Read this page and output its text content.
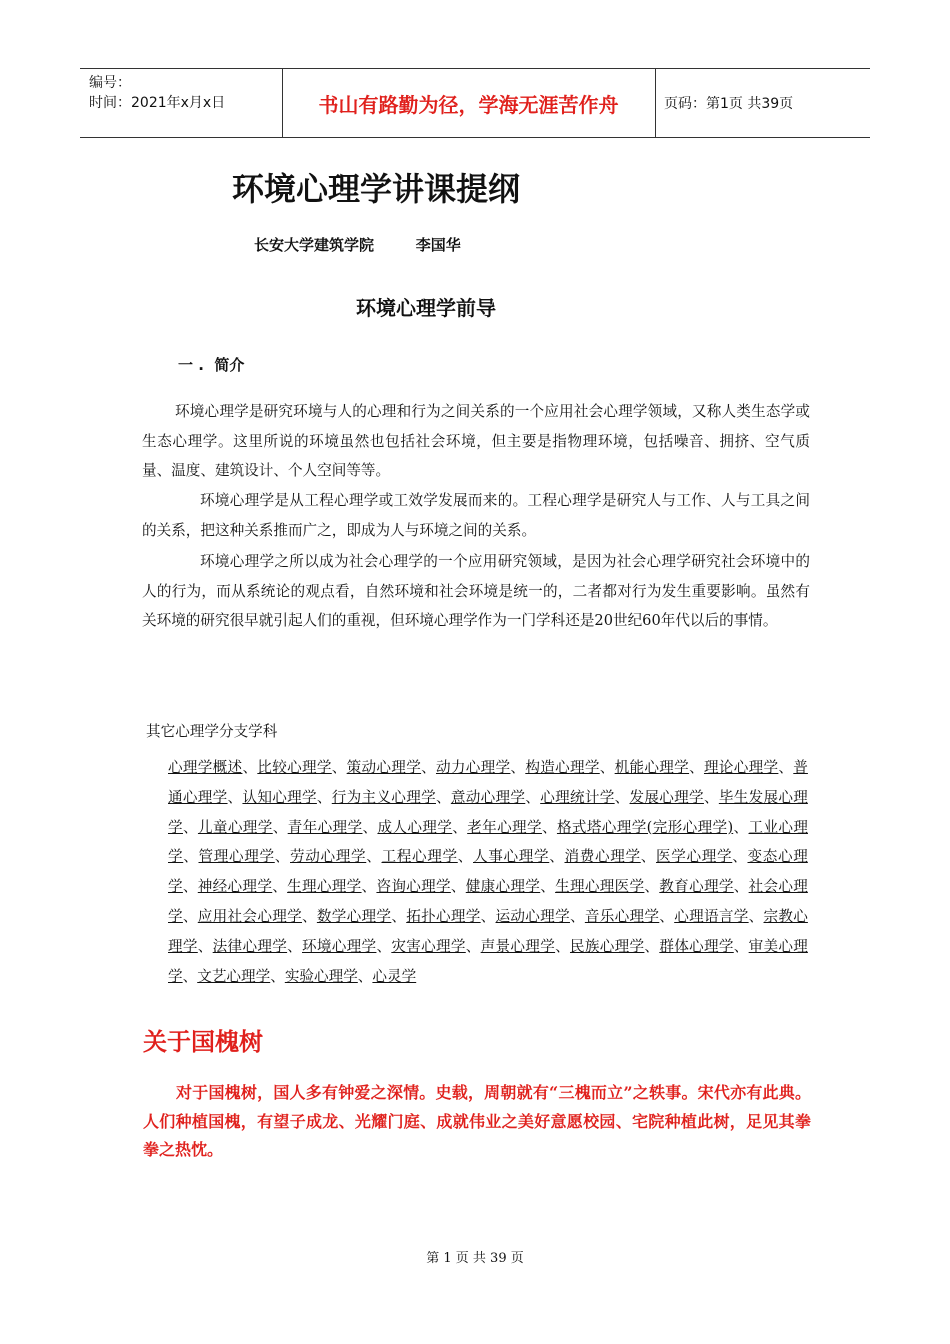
编号：
时间：2021年x月x日	书山有路勤为径，学海无涯苦作舟	页码：第1页 共39页
环境心理学讲课提纲
长安大学建筑学院        李国华
环境心理学前导
一 .  简介

环境心理学是研究环境与人的心理和行为之间关系的一个应用社会心理学领域，又称人类生态学或生态心理学。这里所说的环境虽然也包括社会环境，但主要是指物理环境，包括噪音、拥挤、空气质量、温度、建筑设计、个人空间等等。

环境心理学是从工程心理学或工效学发展而来的。工程心理学是研究人与工作、人与工具之间的关系，把这种关系推而广之，即成为人与环境之间的关系。

环境心理学之所以成为社会心理学的一个应用研究领域，是因为社会心理学研究社会环境中的人的行为，而从系统论的观点看，自然环境和社会环境是统一的，二者都对行为发生重要影响。虽然有关环境的研究很早就引起人们的重视，但环境心理学作为一门学科还是20世纪60年代以后的事情。

其它心理学分支学科
心理学概述、比较心理学、策动心理学、动力心理学、构造心理学、机能心理学、理论心理学、普通心理学、认知心理学、行为主义心理学、意动心理学、心理统计学、发展心理学、毕生发展心理学、儿童心理学、青年心理学、成人心理学、老年心理学、格式塔心理学(完形心理学)、工业心理学、管理心理学、劳动心理学、工程心理学、人事心理学、消费心理学、医学心理学、变态心理学、神经心理学、生理心理学、咨询心理学、健康心理学、生理心理医学、教育心理学、社会心理学、应用社会心理学、数学心理学、拓扑心理学、运动心理学、音乐心理学、心理语言学、宗教心理学、法律心理学、环境心理学、灾害心理学、声景心理学、民族心理学、群体心理学、审美心理学、文艺心理学、实验心理学、心灵学
关于国槐树

对于国槐树，国人多有钟爱之深情。史载，周朝就有“三槐而立”之轶事。宋代亦有此典。人们种植国槐，有望子成龙、光耀门庭、成就伟业之美好意愿校园、宅院种植此树，足见其拳拳之热忱。

第 1 页 共 39 页
